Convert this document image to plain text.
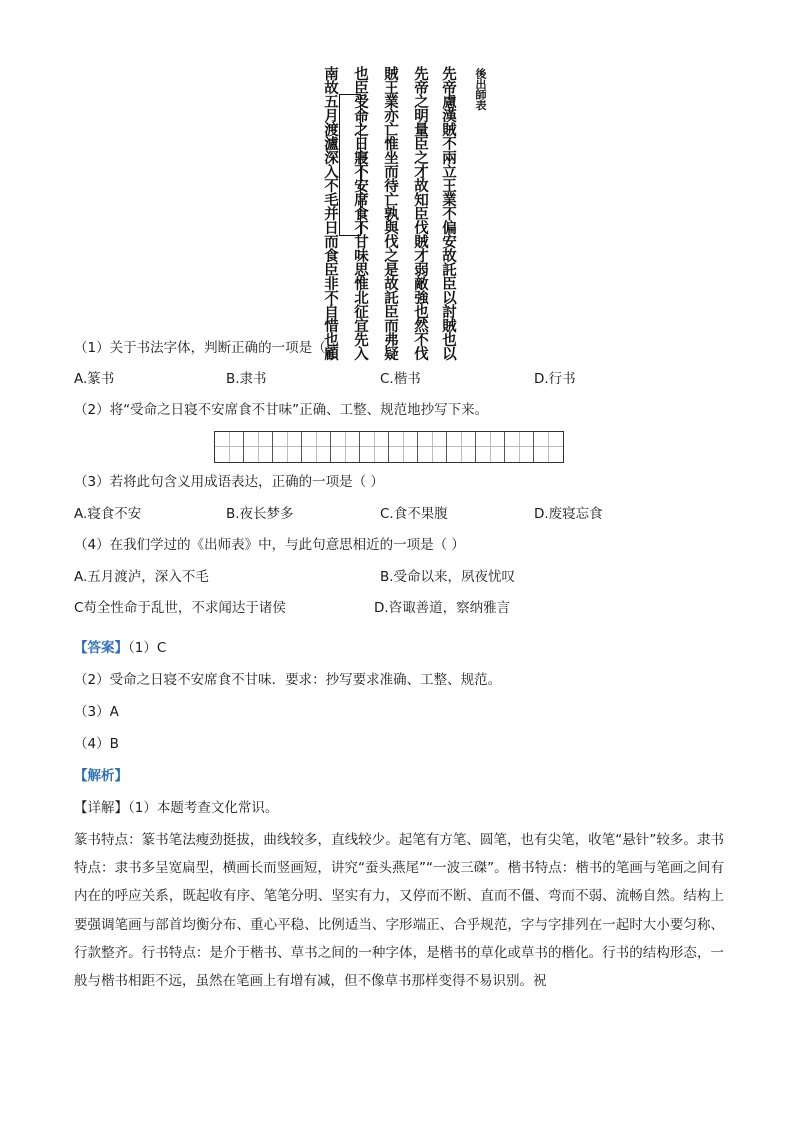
後出師表
先帝慮漢賊不兩立王業不偏安故託臣以討賊也以
先帝之明量臣之才故知臣伐賊才弱敵強也然不伐
賊王業亦亡惟坐而待亡孰與伐之是故託臣而弗疑
也臣受命之日寢不安席食不甘味思惟北征宜先入
南故五月渡瀘深入不毛并日而食臣非不自惜也顧
（1）关于书法字体，判断正确的一项是（ ）
A.篆书	B.隶书	C.楷书	D.行书
（2）将“受命之日寝不安席食不甘味”正确、工整、规范地抄写下来。
（3）若将此句含义用成语表达，正确的一项是（ ）
A.寝食不安	B.夜长梦多	C.食不果腹	D.废寝忘食
（4）在我们学过的《出师表》中，与此句意思相近的一项是（ ）
A.五月渡泸，深入不毛	B.受命以来，夙夜忧叹
C苟全性命于乱世，不求闻达于诸侯	D.咨诹善道，察纳雅言
【答案】（1）C
（2）受命之日寝不安席食不甘味．要求：抄写要求准确、工整、规范。
（3）A
（4）B
【解析】
【详解】（1）本题考查文化常识。
篆书特点：篆书笔法瘦劲挺拔，曲线较多，直线较少。起笔有方笔、圆笔，也有尖笔，收笔“悬针”较多。隶书特点：隶书多呈宽扁型，横画长而竖画短，讲究“蚕头燕尾”“一波三磔”。楷书特点：楷书的笔画与笔画之间有内在的呼应关系，既起收有序、笔笔分明、坚实有力，又停而不断、直而不僵、弯而不弱、流畅自然。结构上要强调笔画与部首均衡分布、重心平稳、比例适当、字形端正、合乎规范，字与字排列在一起时大小要匀称、行款整齐。行书特点：是介于楷书、草书之间的一种字体，是楷书的草化或草书的楷化。行书的结构形态，一般与楷书相距不远，虽然在笔画上有增有减，但不像草书那样变得不易识别。祝
